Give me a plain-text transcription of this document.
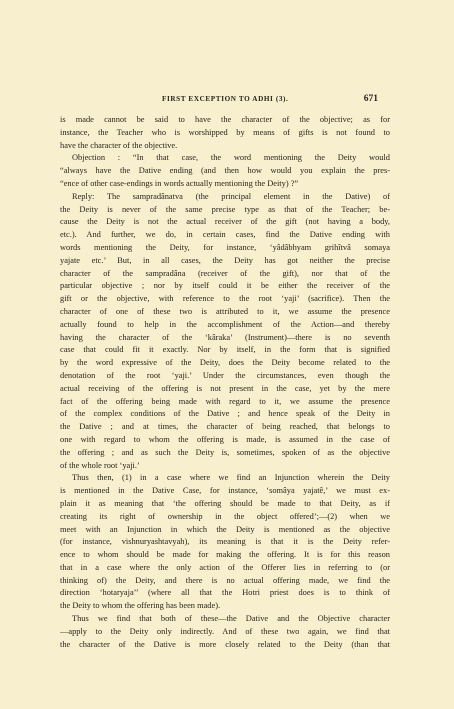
FIRST EXCEPTION TO ADHI (3).	671
is made cannot be said to have the character of the objective; as for
instance, the Teacher who is worshipped by means of gifts is not found to
have the character of the objective.
Objection : “In that case, the word mentioning the Deity would
“always have the Dative ending (and then how would you explain the pres-
“ence of other case-endings in words actually mentioning the Deity) ?”
Reply: The sampradânatva (the principal element in the Dative) of
the Deity is never of the same precise type as that of the Teacher; be-
cause the Deity is not the actual receiver of the gift (not having a body,
etc.). And further, we do, in certain cases, find the Dative ending with
words mentioning the Deity, for instance, ‘yâdâbhyam grihîtvâ somaya
yajate etc.’ But, in all cases, the Deity has got neither the precise
character of the sampradâna (receiver of the gift), nor that of the
particular objective ; nor by itself could it be either the receiver of the
gift or the objective, with reference to the root ‘yaji’ (sacrifice). Then the
character of one of these two is attributed to it, we assume the presence
actually found to help in the accomplishment of the Action—and thereby
having the character of the ‘kâraka’ (Instrument)—there is no seventh
case that could fit it exactly. Nor by itself, in the form that is signified
by the word expressive of the Deity, does the Deity become related to the
denotation of the root ‘yaji.’ Under the circumstances, even though the
actual receiving of the offering is not present in the case, yet by the mere
fact of the offering being made with regard to it, we assume the presence
of the complex conditions of the Dative ; and hence speak of the Deity in
the Dative ; and at times, the character of being reached, that belongs to
one with regard to whom the offering is made, is assumed in the case of
the offering ; and as such the Deity is, sometimes, spoken of as the objective
of the whole root ‘yaji.’
Thus then, (1) in a case where we find an Injunction wherein the Deity
is mentioned in the Dative Case, for instance, ‘somâya yajatê,’ we must ex-
plain it as meaning that ‘the offering should be made to that Deity, as if
creating its right of ownership in the object offered’;—(2) when we
meet with an Injunction in which the Deity is mentioned as the objective
(for instance, vishnuryashtavyah), its meaning is that it is the Deity refer-
ence to whom should be made for making the offering. It is for this reason
that in a case where the only action of the Offerer lies in referring to (or
thinking of) the Deity, and there is no actual offering made, we find the
direction ‘hotaryaja’’ (where all that the Hotri priest does is to think of
the Deity to whom the offering has been made).
Thus we find that both of these—the Dative and the Objective character
—apply to the Deity only indirectly. And of these two again, we find that
the character of the Dative is more closely related to the Deity (than that
